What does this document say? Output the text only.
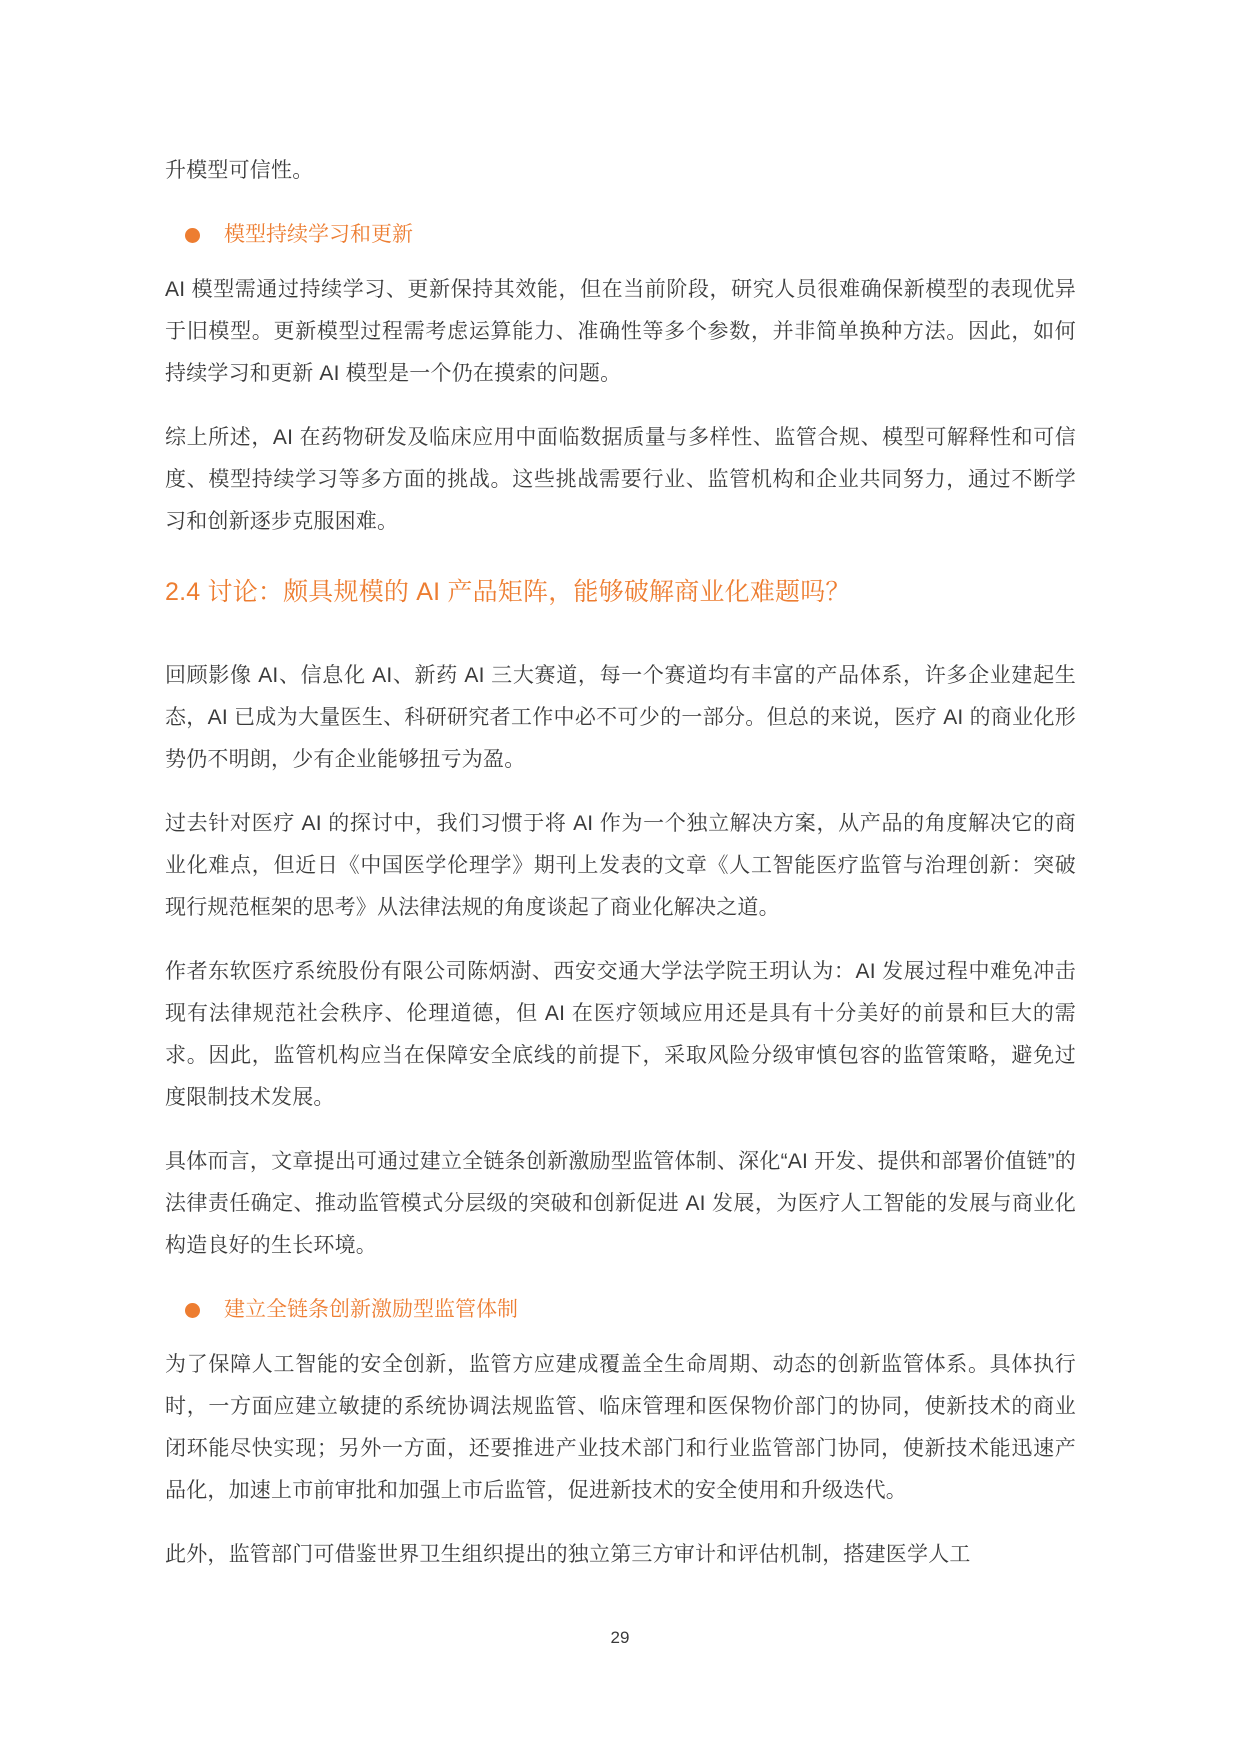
升模型可信性。

模型持续学习和更新

AI 模型需通过持续学习、更新保持其效能，但在当前阶段，研究人员很难确保新模型的表现优异于旧模型。更新模型过程需考虑运算能力、准确性等多个参数，并非简单换种方法。因此，如何持续学习和更新 AI 模型是一个仍在摸索的问题。

综上所述，AI 在药物研发及临床应用中面临数据质量与多样性、监管合规、模型可解释性和可信度、模型持续学习等多方面的挑战。这些挑战需要行业、监管机构和企业共同努力，通过不断学习和创新逐步克服困难。

2.4 讨论：颇具规模的 AI 产品矩阵，能够破解商业化难题吗？

回顾影像 AI、信息化 AI、新药 AI 三大赛道，每一个赛道均有丰富的产品体系，许多企业建起生态，AI 已成为大量医生、科研研究者工作中必不可少的一部分。但总的来说，医疗 AI 的商业化形势仍不明朗，少有企业能够扭亏为盈。

过去针对医疗 AI 的探讨中，我们习惯于将 AI 作为一个独立解决方案，从产品的角度解决它的商业化难点，但近日《中国医学伦理学》期刊上发表的文章《人工智能医疗监管与治理创新：突破现行规范框架的思考》从法律法规的角度谈起了商业化解决之道。

作者东软医疗系统股份有限公司陈炳澍、西安交通大学法学院王玥认为：AI 发展过程中难免冲击现有法律规范社会秩序、伦理道德，但 AI 在医疗领域应用还是具有十分美好的前景和巨大的需求。因此，监管机构应当在保障安全底线的前提下，采取风险分级审慎包容的监管策略，避免过度限制技术发展。

具体而言，文章提出可通过建立全链条创新激励型监管体制、深化“AI 开发、提供和部署价值链”的法律责任确定、推动监管模式分层级的突破和创新促进 AI 发展，为医疗人工智能的发展与商业化构造良好的生长环境。

建立全链条创新激励型监管体制

为了保障人工智能的安全创新，监管方应建成覆盖全生命周期、动态的创新监管体系。具体执行时，一方面应建立敏捷的系统协调法规监管、临床管理和医保物价部门的协同，使新技术的商业闭环能尽快实现；另外一方面，还要推进产业技术部门和行业监管部门协同，使新技术能迅速产品化，加速上市前审批和加强上市后监管，促进新技术的安全使用和升级迭代。

此外，监管部门可借鉴世界卫生组织提出的独立第三方审计和评估机制，搭建医学人工

29
